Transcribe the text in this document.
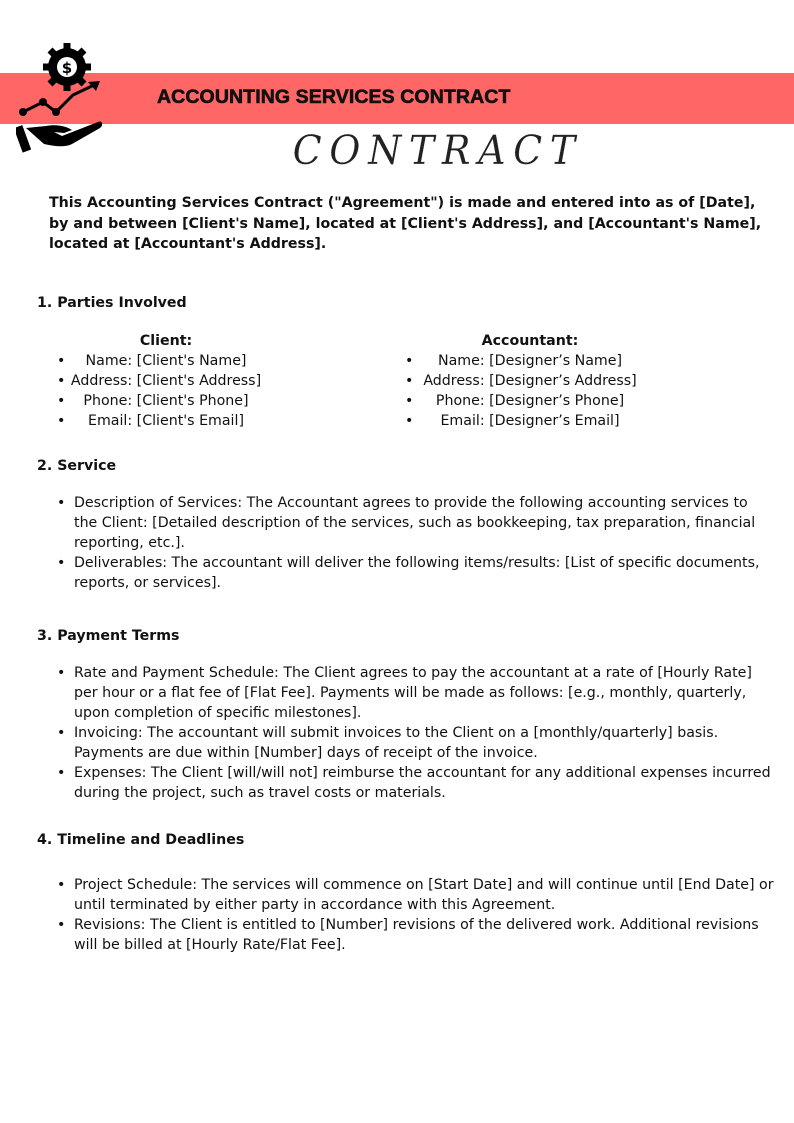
$
ACCOUNTING SERVICES CONTRACT
CONTRACT
This Accounting Services Contract ("Agreement") is made and entered into as of [Date], by and between [Client's Name], located at [Client's Address], and [Accountant's Name], located at [Accountant's Address].
1. Parties Involved
Client:
• Name: [Client's Name]
• Address: [Client's Address]
• Phone: [Client's Phone]
• Email: [Client's Email]
Accountant:
• Name: [Designer’s Name]
• Address: [Designer’s Address]
• Phone: [Designer’s Phone]
• Email: [Designer’s Email]
2. Service
• Description of Services: The Accountant agrees to provide the following accounting services to the Client: [Detailed description of the services, such as bookkeeping, tax preparation, financial reporting, etc.].
• Deliverables: The accountant will deliver the following items/results: [List of specific documents, reports, or services].
3. Payment Terms
• Rate and Payment Schedule: The Client agrees to pay the accountant at a rate of [Hourly Rate] per hour or a flat fee of [Flat Fee]. Payments will be made as follows: [e.g., monthly, quarterly, upon completion of specific milestones].
• Invoicing: The accountant will submit invoices to the Client on a [monthly/quarterly] basis. Payments are due within [Number] days of receipt of the invoice.
• Expenses: The Client [will/will not] reimburse the accountant for any additional expenses incurred during the project, such as travel costs or materials.
4. Timeline and Deadlines
• Project Schedule: The services will commence on [Start Date] and will continue until [End Date] or until terminated by either party in accordance with this Agreement.
• Revisions: The Client is entitled to [Number] revisions of the delivered work. Additional revisions will be billed at [Hourly Rate/Flat Fee].
